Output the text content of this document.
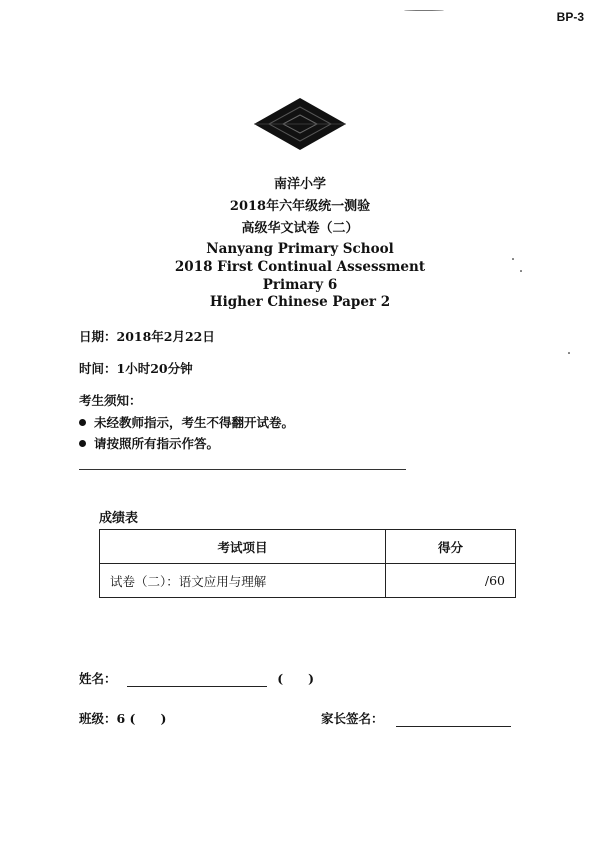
BP-3
南洋小学
2018年六年级统一测验
高级华文试卷（二）
Nanyang Primary School
2018 First Continual Assessment
Primary 6
Higher Chinese Paper 2
日期：2018年2月22日
时间：1小时20分钟
考生须知：
未经教师指示，考生不得翻开试卷。
请按照所有指示作答。
成绩表
考试项目	得分
试卷（二）：语文应用与理解	/60
姓名：	(　　)
班级：6 (　　)	家长签名：
